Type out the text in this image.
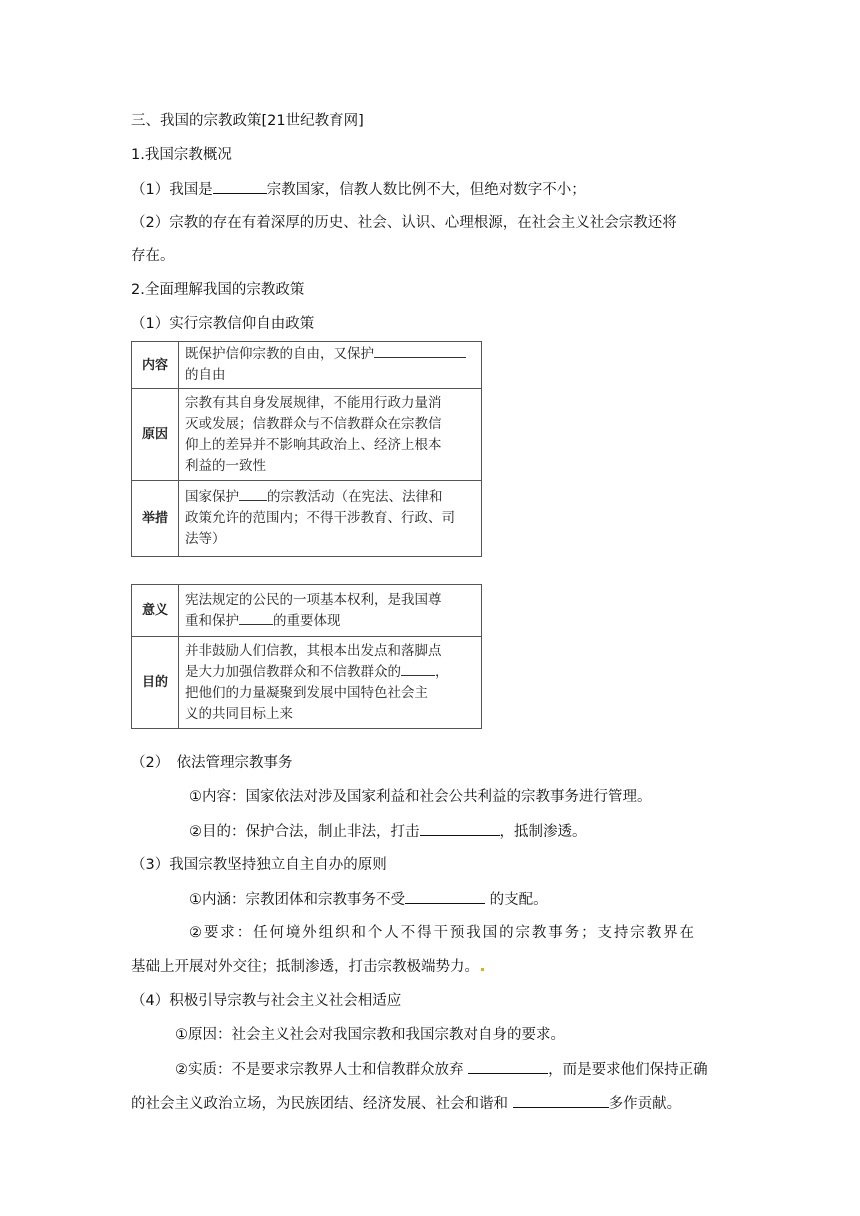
三、我国的宗教政策[21世纪教育网]
1.我国宗教概况
（1）我国是	宗教国家，信教人数比例不大，但绝对数字不小；
（2）宗教的存在有着深厚的历史、社会、认识、心理根源，在社会主义社会宗教还将
存在。
2.全面理解我国的宗教政策
（1）实行宗教信仰自由政策
内容	既保护信仰宗教的自由，又保护
的自由
原因	宗教有其自身发展规律，不能用行政力量消
灭或发展；信教群众与不信教群众在宗教信
仰上的差异并不影响其政治上、经济上根本
利益的一致性
举措	国家保护 的宗教活动（在宪法、法律和
政策允许的范围内；不得干涉教育、行政、司
法等）
意义	宪法规定的公民的一项基本权利，是我国尊
重和保护 的重要体现
目的	并非鼓励人们信教，其根本出发点和落脚点
是大力加强信教群众和不信教群众的 ，
把他们的力量凝聚到发展中国特色社会主
义的共同目标上来
（2）　依法管理宗教事务
①内容：国家依法对涉及国家利益和社会公共利益的宗教事务进行管理。
②目的：保护合法，制止非法，打击	，抵制渗透。
（3）我国宗教坚持独立自主自办的原则
①内涵：宗教团体和宗教事务不受	的支配。
②要求：任何境外组织和个人不得干预我国的宗教事务；支持宗教界在
基础上开展对外交往；抵制渗透，打击宗教极端势力。
（4）积极引导宗教与社会主义社会相适应
①原因：社会主义社会对我国宗教和我国宗教对自身的要求。
②实质：不是要求宗教界人士和信教群众放弃	，而是要求他们保持正确
的社会主义政治立场，为民族团结、经济发展、社会和谐和	多作贡献。
